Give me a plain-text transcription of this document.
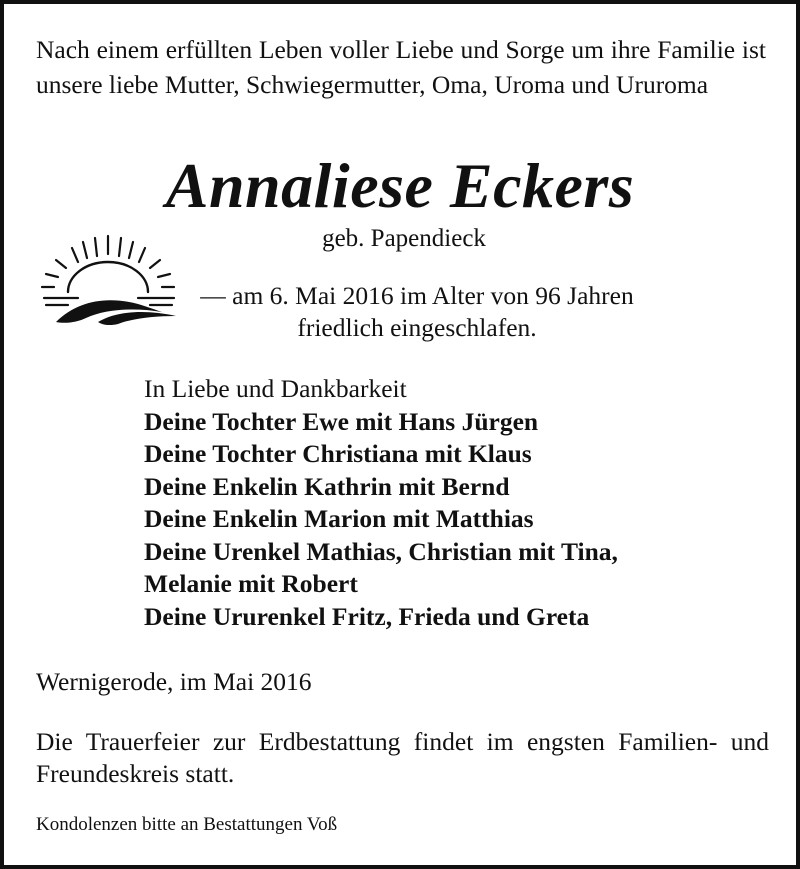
Nach einem erfüllten Leben voller Liebe und Sorge um ihre Familie ist unsere liebe Mutter, Schwiegermutter, Oma, Uroma und Ururoma
Annaliese Eckers
geb. Papendieck
— am 6. Mai 2016 im Alter von 96 Jahren
friedlich eingeschlafen.
In Liebe und Dankbarkeit
Deine Tochter Ewe mit Hans Jürgen
Deine Tochter Christiana mit Klaus
Deine Enkelin Kathrin mit Bernd
Deine Enkelin Marion mit Matthias
Deine Urenkel Mathias, Christian mit Tina,
Melanie mit Robert
Deine Ururenkel Fritz, Frieda und Greta
Wernigerode, im Mai 2016
Die Trauerfeier zur Erdbestattung findet im engsten Familien- und Freundeskreis statt.
Kondolenzen bitte an Bestattungen Voß
